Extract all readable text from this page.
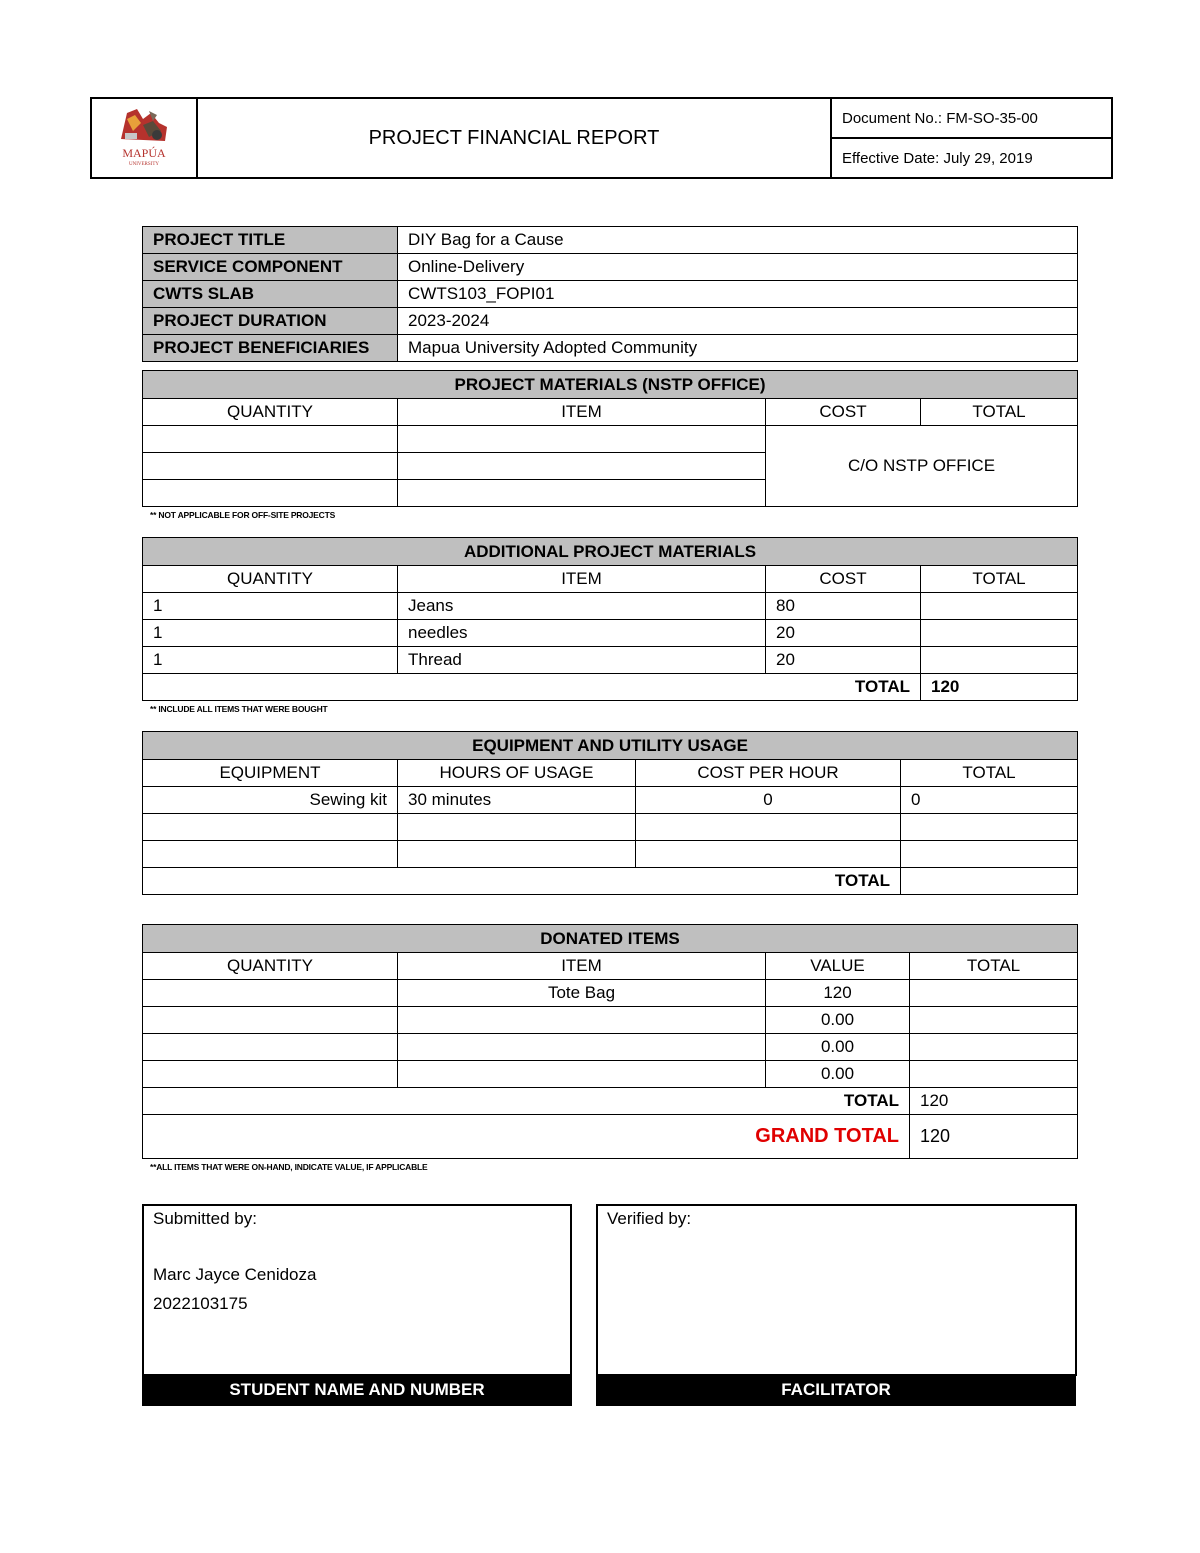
MAPÚA
UNIVERSITY
	PROJECT FINANCIAL REPORT	Document No.: FM-SO-35-00
Effective Date: July 29, 2019
PROJECT TITLE	DIY Bag for a Cause
SERVICE COMPONENT	Online-Delivery
CWTS SLAB	CWTS103_FOPI01
PROJECT DURATION	2023-2024
PROJECT BENEFICIARIES	Mapua University Adopted Community
PROJECT MATERIALS (NSTP OFFICE)			
QUANTITY	ITEM	COST	TOTAL
		C/O NSTP OFFICE	

** NOT APPLICABLE FOR OFF-SITE PROJECTS
ADDITIONAL PROJECT MATERIALS			
QUANTITY	ITEM	COST	TOTAL
1	Jeans	80	
1	needles	20	
1	Thread	20	
TOTAL			120
** INCLUDE ALL ITEMS THAT WERE BOUGHT
EQUIPMENT AND UTILITY USAGE			
EQUIPMENT	HOURS OF USAGE	COST PER HOUR	TOTAL
Sewing kit	30 minutes	0	0

TOTAL			
DONATED ITEMS			
QUANTITY	ITEM	VALUE	TOTAL
	Tote Bag	120	
		0.00	
		0.00	
		0.00	
TOTAL			120
GRAND TOTAL			120
**ALL ITEMS THAT WERE ON-HAND, INDICATE VALUE, IF APPLICABLE
Submitted by:
Marc Jayce Cenidoza
2022103175
STUDENT NAME AND NUMBER
Verified by:
FACILITATOR
